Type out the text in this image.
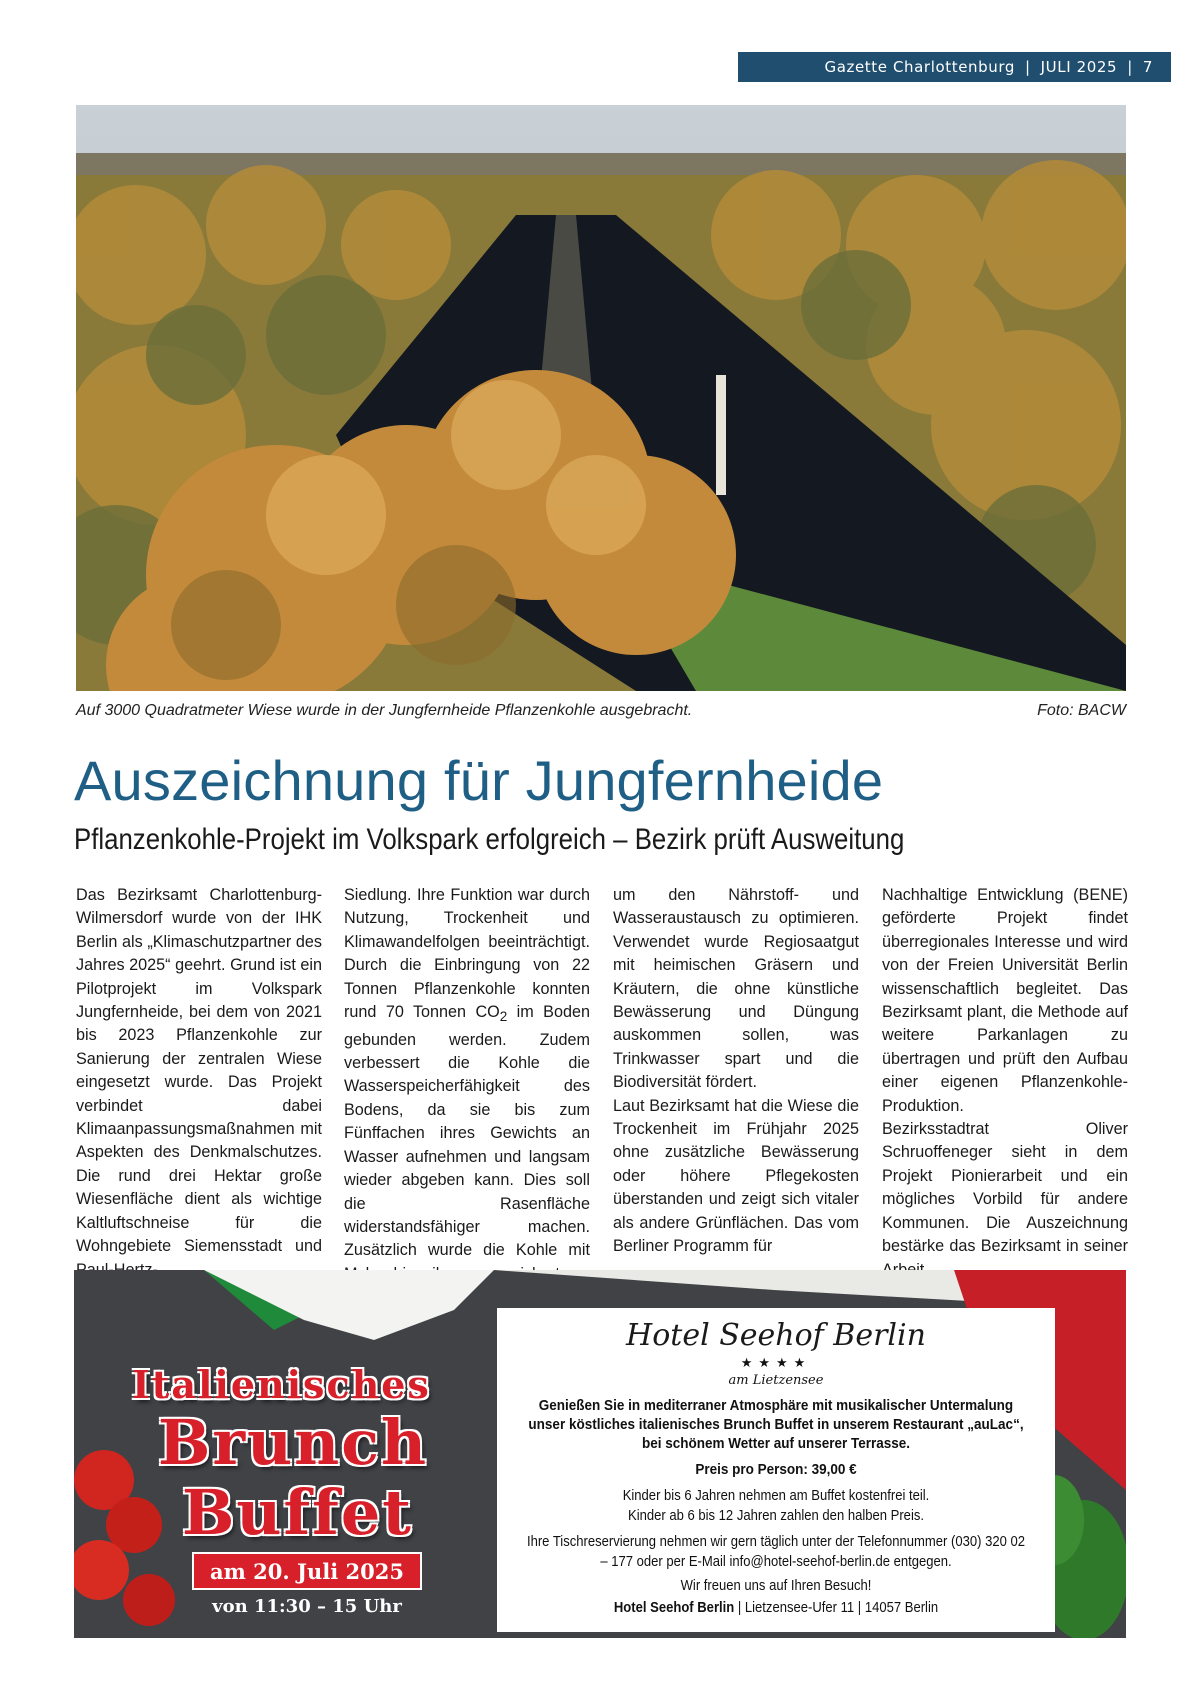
Gazette Charlottenburg | JULI 2025 | 7
Auf 3000 Quadratmeter Wiese wurde in der Jungfernheide Pflanzenkohle ausgebracht.	Foto: BACW
Auszeichnung für Jungfernheide
Pflanzenkohle-Projekt im Volkspark erfolgreich – Bezirk prüft Ausweitung

Das Bezirksamt Charlottenburg-Wilmersdorf wurde von der IHK Berlin als „Klimaschutzpartner des Jahres 2025“ geehrt. Grund ist ein Pilotprojekt im Volkspark Jungfernheide, bei dem von 2021 bis 2023 Pflanzenkohle zur Sanierung der zentralen Wiese eingesetzt wurde. Das Projekt verbindet dabei Klimaanpassungsmaßnahmen mit Aspekten des Denkmalschutzes. Die rund drei Hektar große Wiesenfläche dient als wichtige Kaltluftschneise für die Wohngebiete Siemensstadt und

Siedlung. Ihre Funktion war durch Nutzung, Trockenheit und Klimawandelfolgen beeinträchtigt. Durch die Einbringung von 22 Tonnen Pflanzenkohle konnten rund 70 Tonnen $CO_2$ im Boden gebunden werden. Zudem verbessert die Kohle die Wasserspeicherfähigkeit des Bodens, da sie bis zum Fünffachen ihres Gewichts an Wasser aufnehmen und langsam wieder abgeben kann. Dies soll die Rasenfläche widerstandsfähiger machen. Zusätzlich wurde die Kohle mit

um den Nährstoff- und Wasseraustausch zu optimieren. Verwendet wurde Regiosaatgut mit heimischen Gräsern und Kräutern, die ohne künstliche Bewässerung und Düngung auskommen sollen, was Trinkwasser spart und die Biodiversität fördert.

Laut Bezirksamt hat die Wiese die Trockenheit im Frühjahr 2025 ohne zusätzliche Bewässerung oder höhere Pflegekosten überstanden und zeigt sich vitaler als andere Grünflächen. Das vom Berliner Programm für

Nachhaltige Entwicklung (BENE) geförderte Projekt findet überregionales Interesse und wird von der Freien Universität Berlin wissenschaftlich begleitet. Das Bezirksamt plant, die Methode auf weitere Parkanlagen zu übertragen und prüft den Aufbau einer eigenen Pflanzenkohle-Produktion.

Bezirksstadtrat Oliver Schruoffeneger sieht in dem Projekt Pionierarbeit und ein mögliches Vorbild für andere Kommunen. Die Auszeichnung bestärke das Bezirksamt in seiner

Italienisches
Brunch
Buffet
am 20. Juli 2025
von 11:30 – 15 Uhr
Hotel Seehof Berlin
★★★★
am Lietzensee
Genießen Sie in mediterraner Atmosphäre mit musikalischer Untermalung unser köstliches italienisches Brunch Buffet in unserem Restaurant „auLac“, bei schönem Wetter auf unserer Terrasse.
Preis pro Person: 39,00 €
Kinder bis 6 Jahren nehmen am Buffet kostenfrei teil.
Kinder ab 6 bis 12 Jahren zahlen den halben Preis.
Ihre Tischreservierung nehmen wir gern täglich unter der Telefonnummer (030) 320 02 – 177 oder per E-Mail info@hotel-seehof-berlin.de entgegen.
Wir freuen uns auf Ihren Besuch!
Hotel Seehof Berlin | Lietzensee-Ufer 11 | 14057 Berlin
